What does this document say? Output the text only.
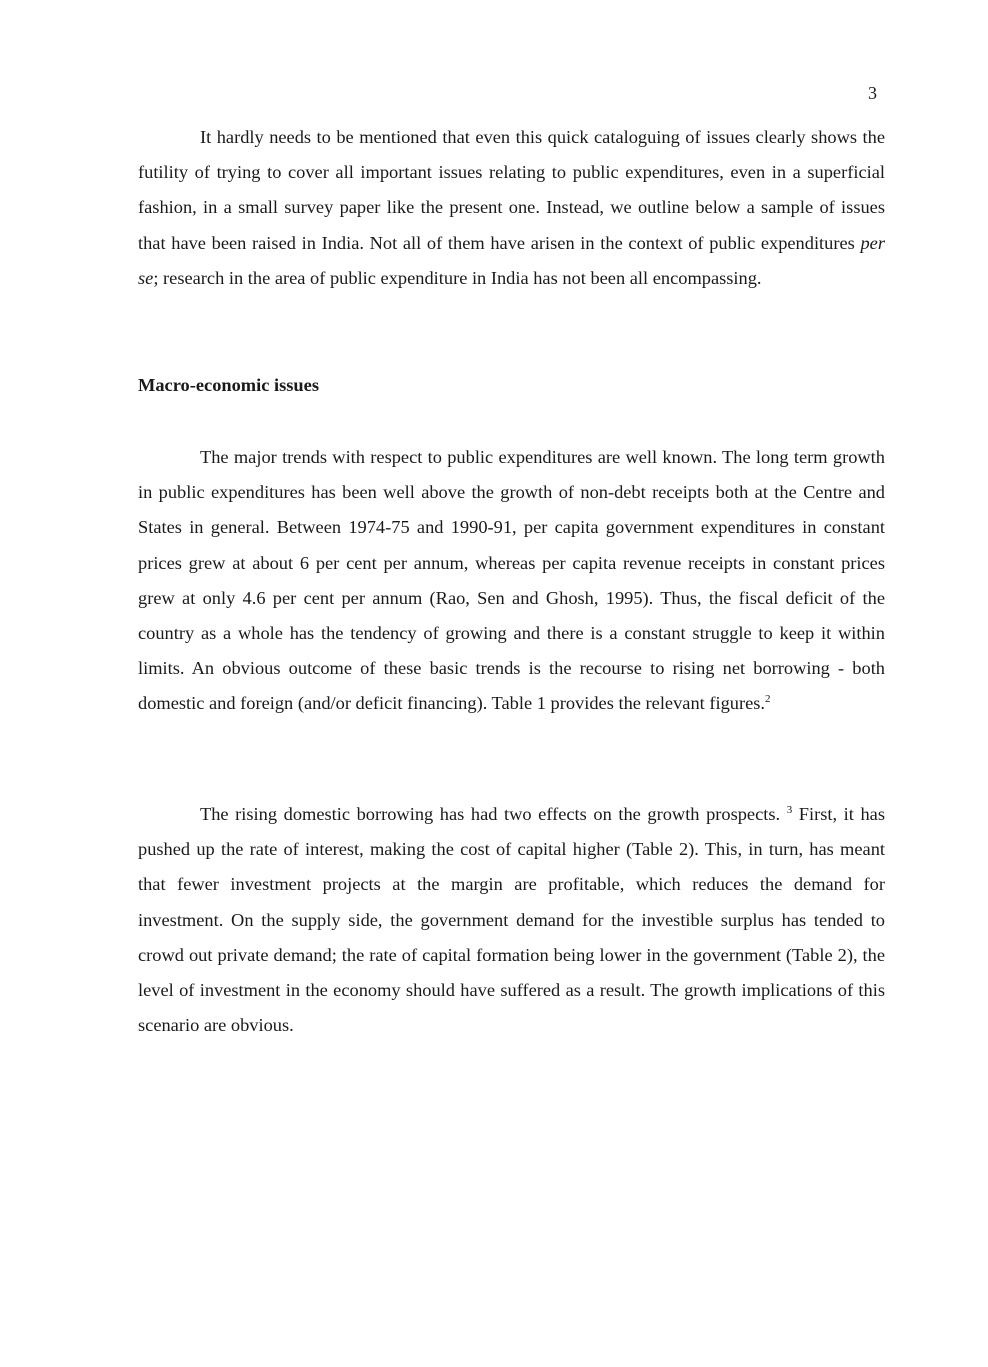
3

It hardly needs to be mentioned that even this quick cataloguing of issues clearly shows the futility of trying to cover all important issues relating to public expenditures, even in a superficial fashion, in a small survey paper like the present one. Instead, we outline below a sample of issues that have been raised in India. Not all of them have arisen in the context of public expenditures per se; research in the area of public expenditure in India has not been all encompassing.

Macro-economic issues

The major trends with respect to public expenditures are well known. The long term growth in public expenditures has been well above the growth of non-debt receipts both at the Centre and States in general. Between 1974-75 and 1990-91, per capita government expenditures in constant prices grew at about 6 per cent per annum, whereas per capita revenue receipts in constant prices grew at only 4.6 per cent per annum (Rao, Sen and Ghosh, 1995). Thus, the fiscal deficit of the country as a whole has the tendency of growing and there is a constant struggle to keep it within limits. An obvious outcome of these basic trends is the recourse to rising net borrowing - both domestic and foreign (and/or deficit financing). Table 1 provides the relevant figures.$^2$

The rising domestic borrowing has had two effects on the growth prospects. $^3$ First, it has pushed up the rate of interest, making the cost of capital higher (Table 2). This, in turn, has meant that fewer investment projects at the margin are profitable, which reduces the demand for investment. On the supply side, the government demand for the investible surplus has tended to crowd out private demand; the rate of capital formation being lower in the government (Table 2), the level of investment in the economy should have suffered as a result. The growth implications of this scenario are obvious.
